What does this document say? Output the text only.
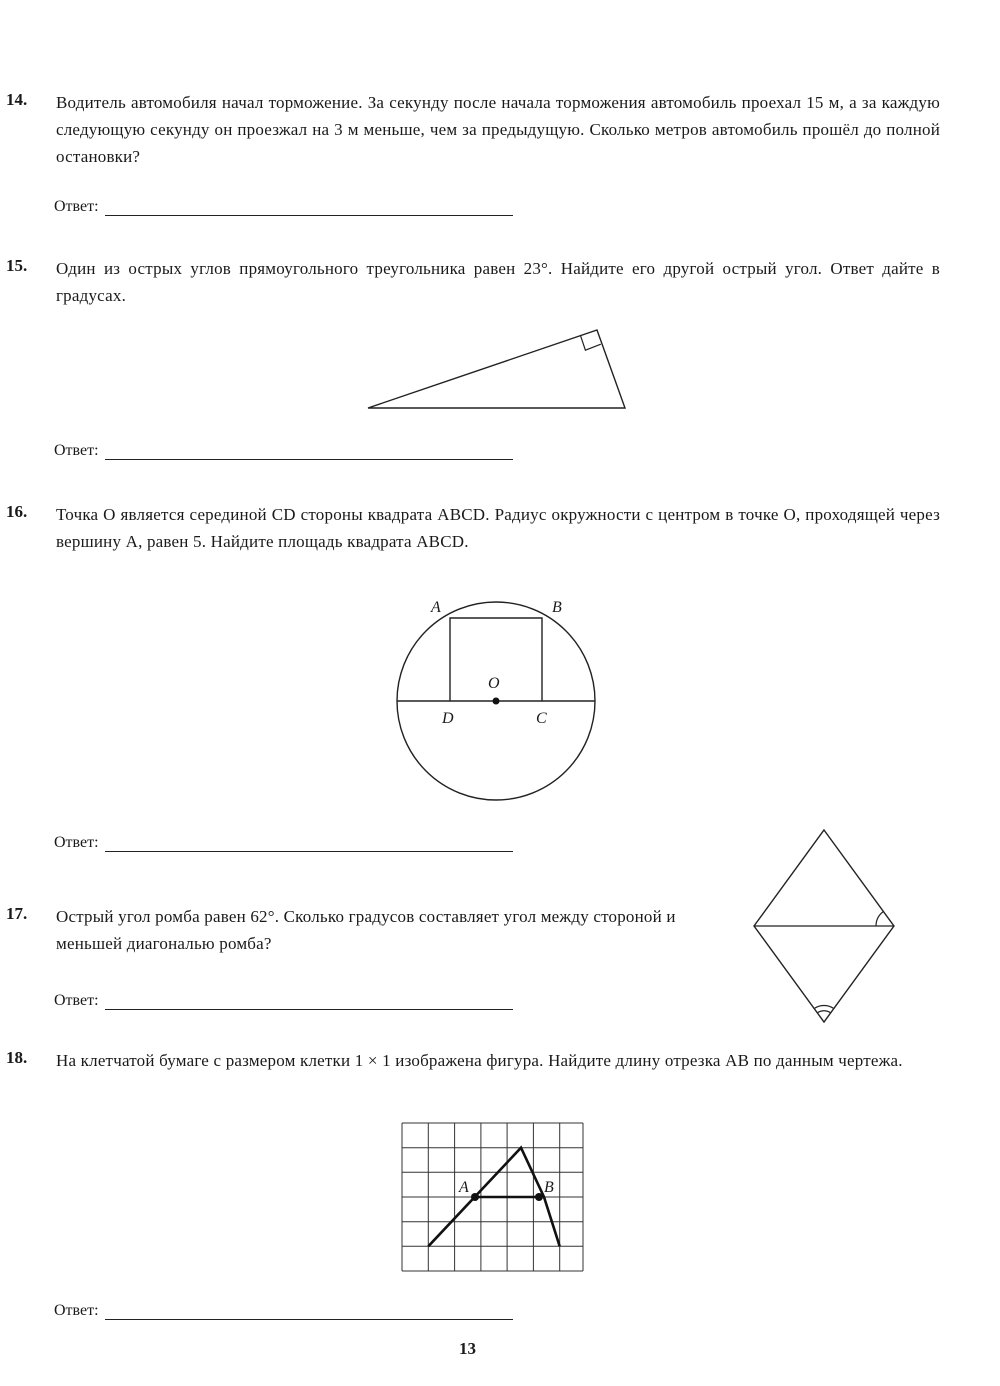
14. Водитель автомобиля начал торможение. За секунду после начала торможения автомобиль проехал 15 м, а за каждую следующую секунду он проезжал на 3 м меньше, чем за предыдущую. Сколько метров автомобиль прошёл до полной остановки?
Ответ:
15. Один из острых углов прямоугольного треугольника равен 23°. Найдите его другой острый угол. Ответ дайте в градусах.
Ответ:
16. Точка O является серединой CD стороны квадрата ABCD. Радиус окружности с центром в точке O, проходящей через вершину A, равен 5. Найдите площадь квадрата ABCD.
Ответ:
A	B
O
D	C
17. Острый угол ромба равен 62°. Сколько градусов составляет угол между стороной и меньшей диагональю ромба?
Ответ:
18. На клетчатой бумаге с размером клетки 1 × 1 изображена фигура. Найдите длину отрезка AB по данным чертежа.
Ответ:
A	B
13
